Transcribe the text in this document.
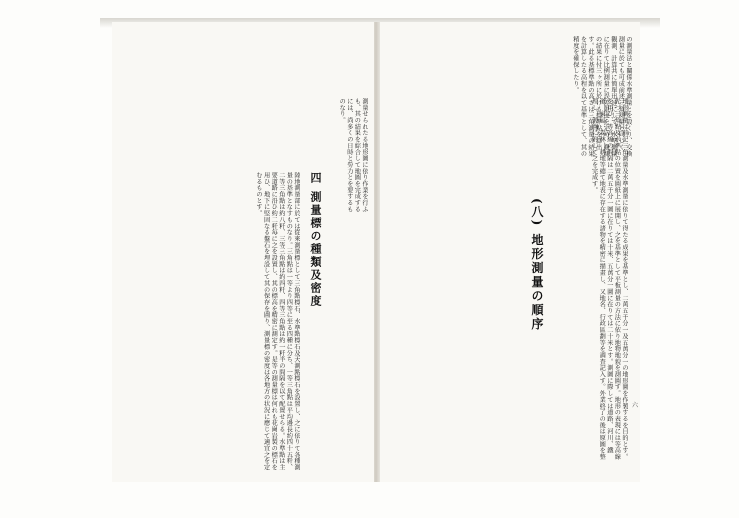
の測量法と關係水準測量とを設くり、交換測量に於ても可成前述三角測量と同じく、觀測、計算共に簡單迅速にして、水準測量に在りて比例測量に誤差限度を定め、觀測の結果に付三ヶ所に於ける標準點を算出す。此る基標準點の高さは三角測量の結果を計算したる高程を以て基準として、其の精度を確保したり。
(八) 地形測量の順序	地形測量は前記三角測量及水準測量に依りて得たる成果を基準とし、二萬五千分一及五萬分一の地形圖を作製するを目的とす。先づ三角點及水準點の位置を圖紙上に展開し、之を基準として平板測量の方法に依り地物地貌を測圖す。地形の表現には等高線を用ひ、等高線の間隔は二萬五千分一圖に在りては十米、五萬分一圖に在りては二十米とす。測圖に際しては道路、河川、鐵道、家屋、森林、耕地等總て地表に存在する諸物を精密に描畫し、又地名、行政區劃等を調査記入す。外業終了の後は原圖を整理し、製圖に附して之を完成す。
六
測量せられたる地形圖に依り作業を行ふも、其の結果を綜合して地圖を完成するには、尚多くの日時と勞力とを要するものなり。
四 測量標の種類及密度
陸地測量部に於ては從來測量標として三角點標石、水準點標石及天測點標石を設置し、之に依りて各種測量の基準となすものなり。三角點は一等より四等に至る四種に分ち、一等三角點は平均邊長約四十五粁、二等三角點は約八粁、三等三角點は約四粁、四等三角點は約一粁半の間隔を以て配置せらる。水準點は主要道路に沿ひ約二粁毎に之を設置し、其の標高を精密に測定す。是等の測量標は何れも花崗岩製の標石を用ひ、地下に堅固なる盤石を埋設して其の保存を圖り、測量標の密度は各地方の状況に應じて適宜之を定むるものとす。
